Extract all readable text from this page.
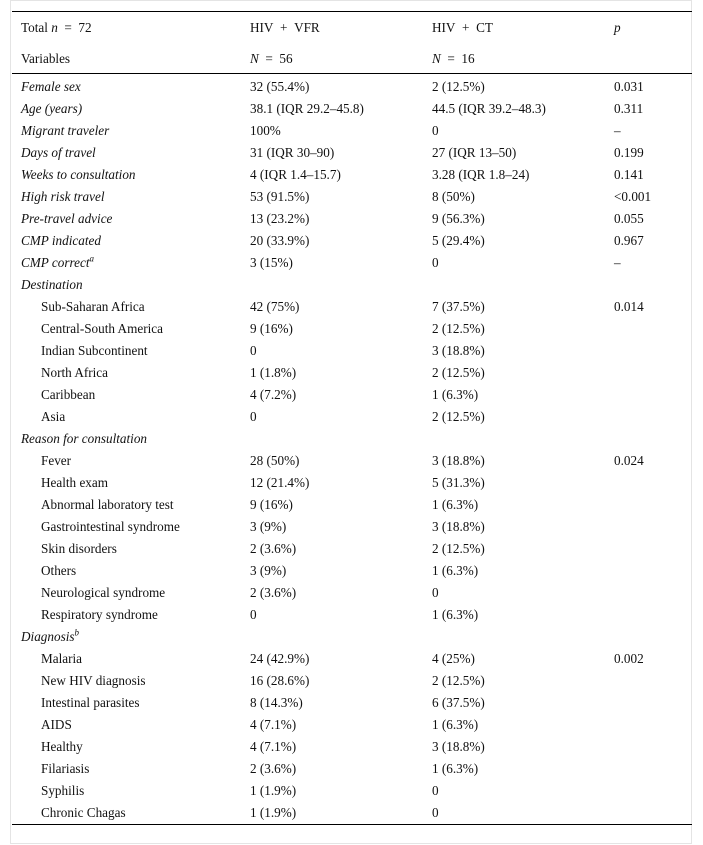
Total n = 72	HIV + VFR	HIV + CT	p
Variables	N = 56	N = 16	
Female sex	32 (55.4%)	2 (12.5%)	0.031
Age (years)	38.1 (IQR 29.2–45.8)	44.5 (IQR 39.2–48.3)	0.311
Migrant traveler	100%	0	–
Days of travel	31 (IQR 30–90)	27 (IQR 13–50)	0.199
Weeks to consultation	4 (IQR 1.4–15.7)	3.28 (IQR 1.8–24)	0.141
High risk travel	53 (91.5%)	8 (50%)	<0.001
Pre-travel advice	13 (23.2%)	9 (56.3%)	0.055
CMP indicated	20 (33.9%)	5 (29.4%)	0.967
CMP correct$^a$	3 (15%)	0	–
Destination			
Sub-Saharan Africa	42 (75%)	7 (37.5%)	0.014
Central-South America	9 (16%)	2 (12.5%)	
Indian Subcontinent	0	3 (18.8%)	
North Africa	1 (1.8%)	2 (12.5%)	
Caribbean	4 (7.2%)	1 (6.3%)	
Asia	0	2 (12.5%)	
Reason for consultation			
Fever	28 (50%)	3 (18.8%)	0.024
Health exam	12 (21.4%)	5 (31.3%)	
Abnormal laboratory test	9 (16%)	1 (6.3%)	
Gastrointestinal syndrome	3 (9%)	3 (18.8%)	
Skin disorders	2 (3.6%)	2 (12.5%)	
Others	3 (9%)	1 (6.3%)	
Neurological syndrome	2 (3.6%)	0	
Respiratory syndrome	0	1 (6.3%)	
Diagnosis$^b$
Malaria	24 (42.9%)	4 (25%)	0.002
New HIV diagnosis	16 (28.6%)	2 (12.5%)	
Intestinal parasites	8 (14.3%)	6 (37.5%)	
AIDS	4 (7.1%)	1 (6.3%)	
Healthy	4 (7.1%)	3 (18.8%)	
Filariasis	2 (3.6%)	1 (6.3%)	
Syphilis	1 (1.9%)	0	
Chronic Chagas	1 (1.9%)	0	
